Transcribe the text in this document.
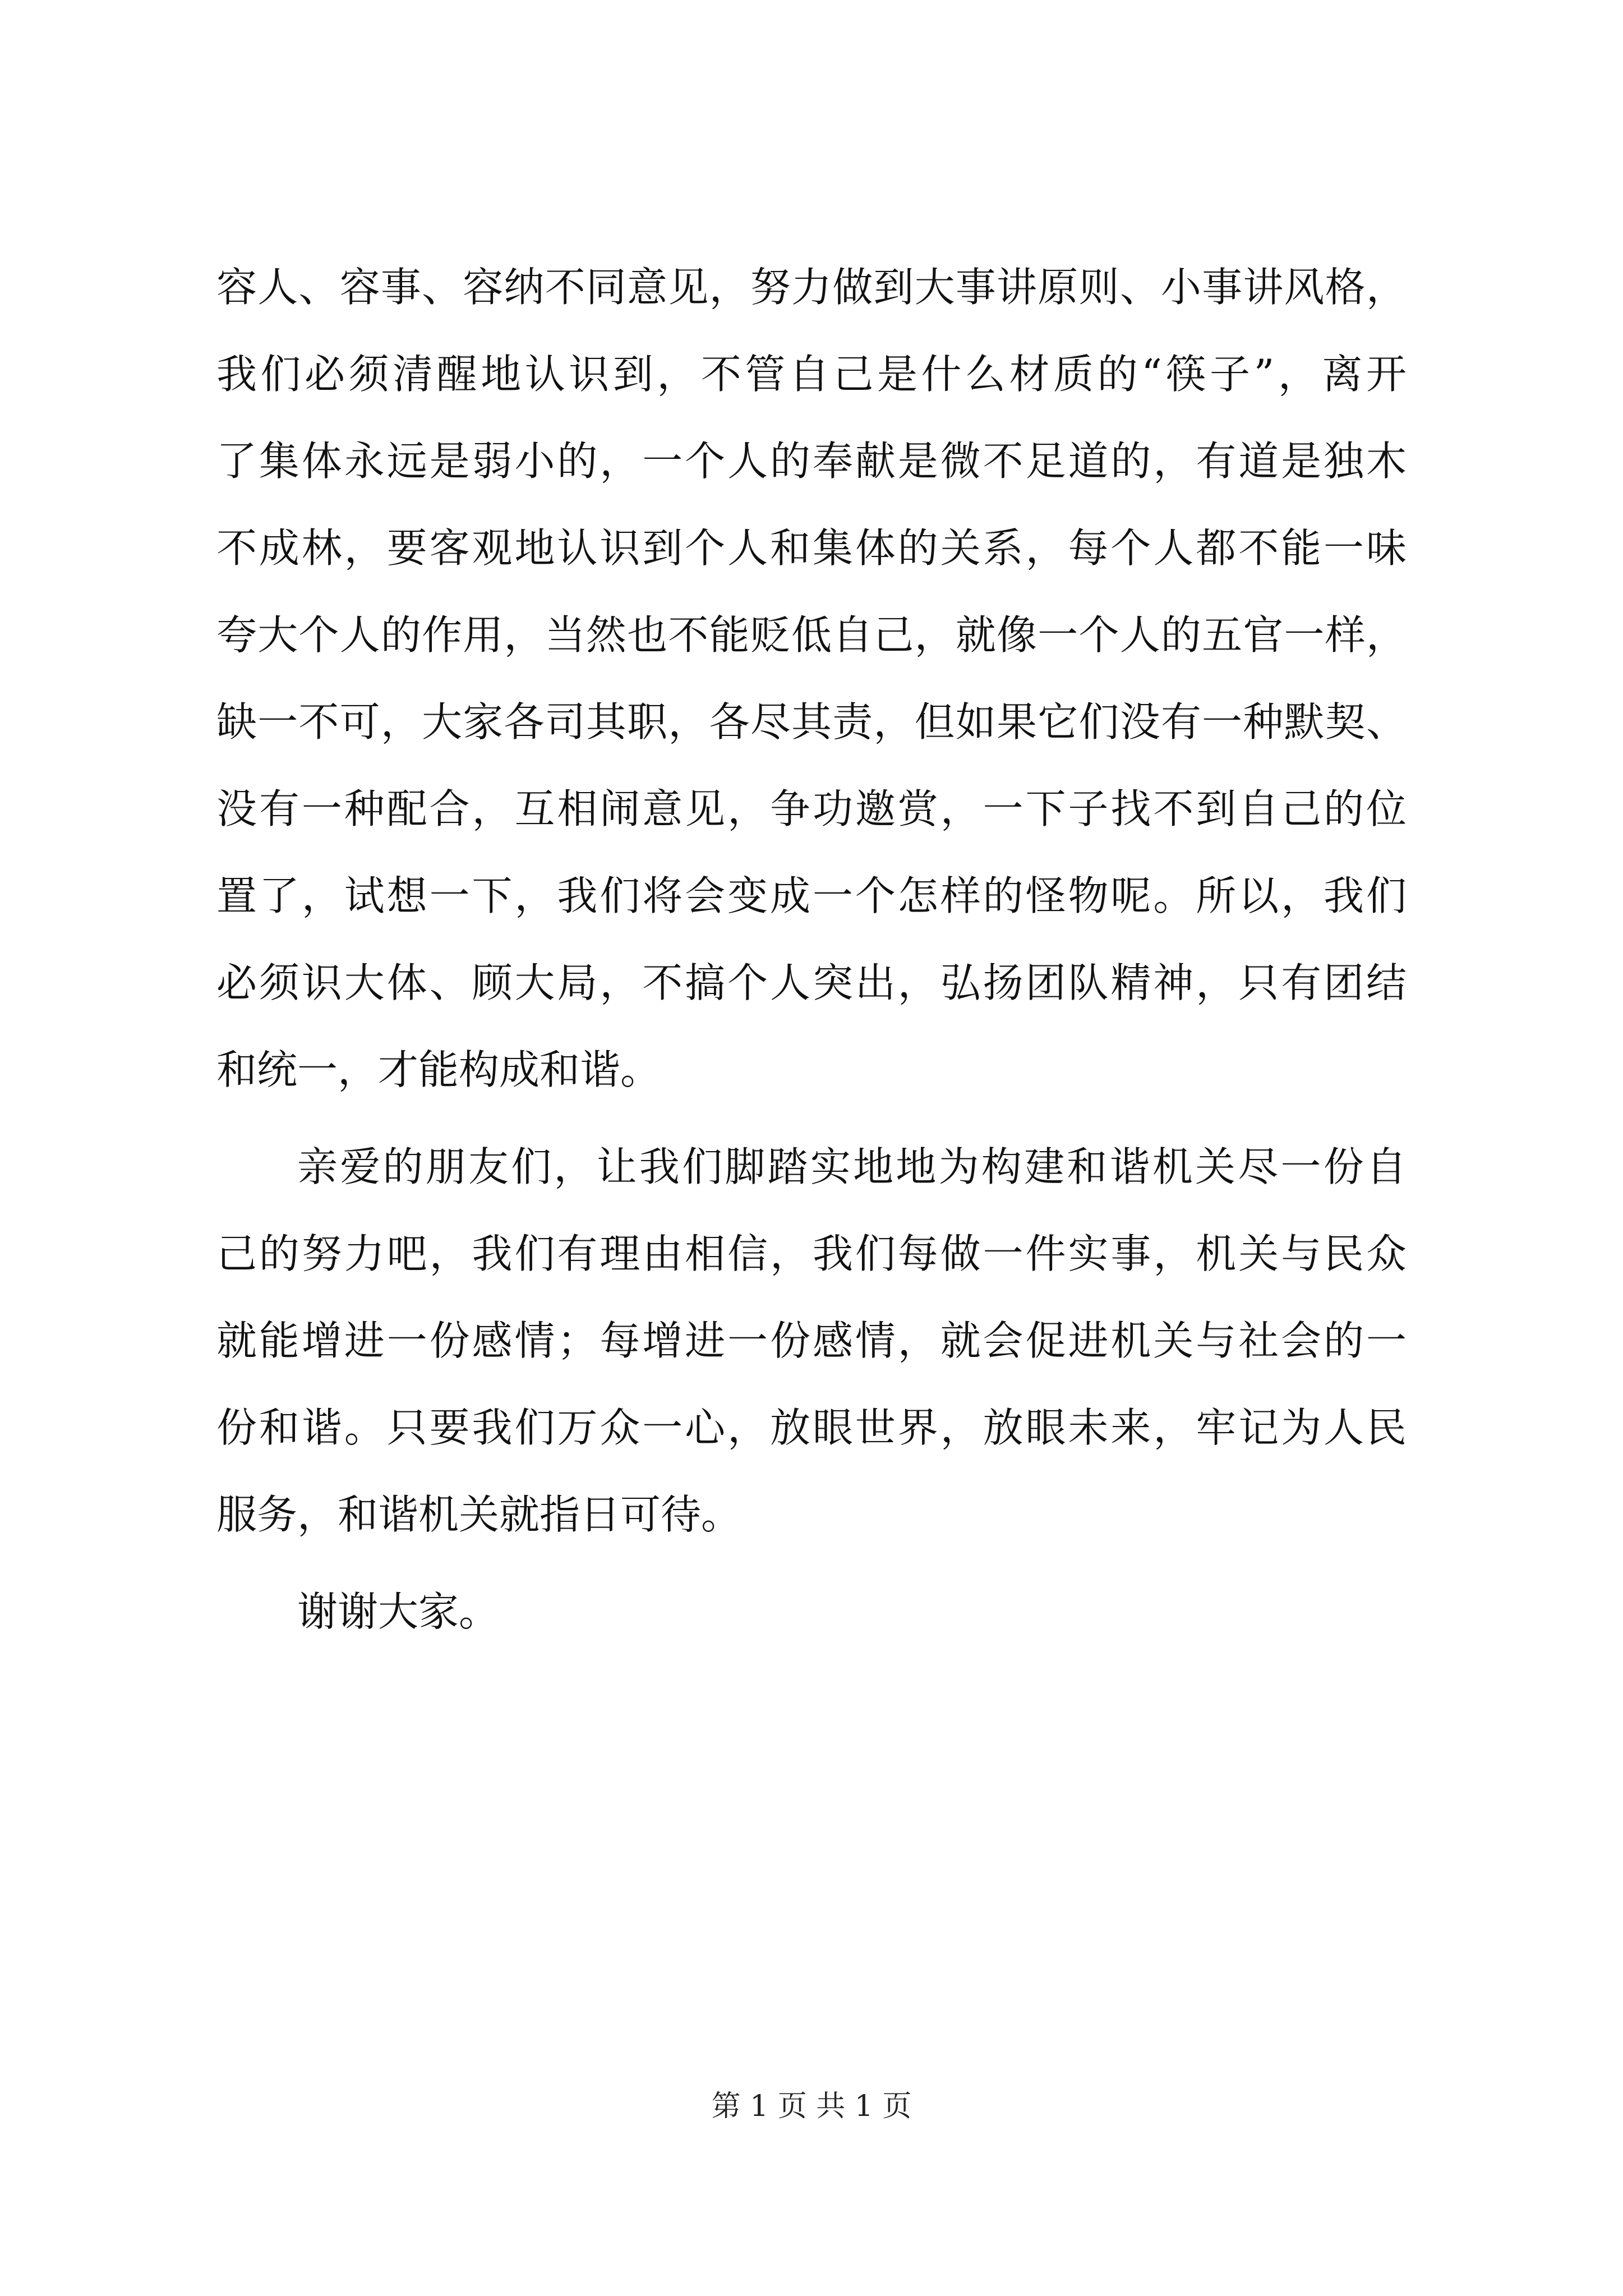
容人、容事、容纳不同意见，努力做到大事讲原则、小事讲风格，
我们必须清醒地认识到，不管自己是什么材质的“筷子”，离开
了集体永远是弱小的，一个人的奉献是微不足道的，有道是独木
不成林，要客观地认识到个人和集体的关系，每个人都不能一味
夸大个人的作用，当然也不能贬低自己，就像一个人的五官一样，
缺一不可，大家各司其职，各尽其责，但如果它们没有一种默契、
没有一种配合，互相闹意见，争功邀赏，一下子找不到自己的位
置了，试想一下，我们将会变成一个怎样的怪物呢。所以，我们
必须识大体、顾大局，不搞个人突出，弘扬团队精神，只有团结
和统一，才能构成和谐。
亲爱的朋友们，让我们脚踏实地地为构建和谐机关尽一份自
己的努力吧，我们有理由相信，我们每做一件实事，机关与民众
就能增进一份感情；每增进一份感情，就会促进机关与社会的一
份和谐。只要我们万众一心，放眼世界，放眼未来，牢记为人民
服务，和谐机关就指日可待。
谢谢大家。
第 1 页 共 1 页
